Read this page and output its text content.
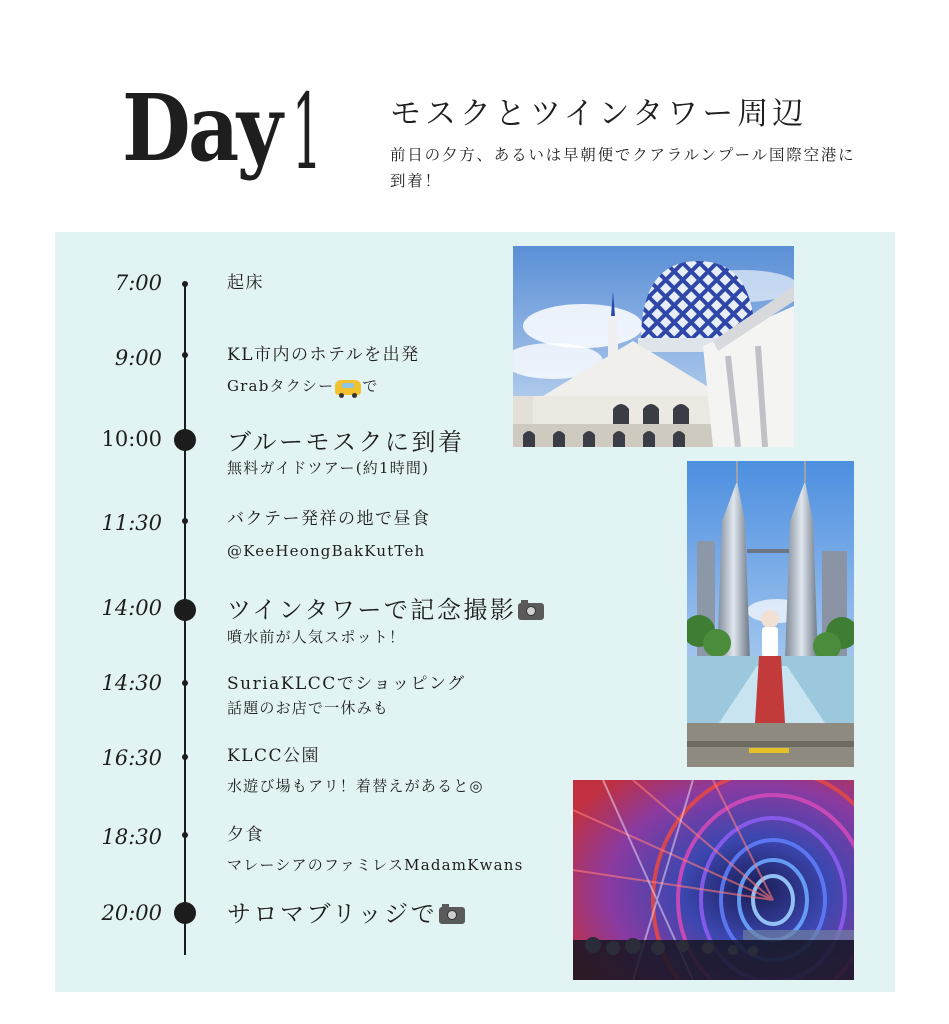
Day 1 モスクとツインタワー周辺

前日の夕方、あるいは早朝便でクアラルンプール国際空港に到着！

7:00	起床
9:00	KL市内のホテルを出発
Grabタクシー で
10:00	ブルーモスクに到着
無料ガイドツアー(約1時間)
11:30	バクテー発祥の地で昼食
@KeeHeongBakKutTeh
14:00	ツインタワーで記念撮影
噴水前が人気スポット！
14:30	SuriaKLCCでショッピング
話題のお店で一休みも
16:30	KLCC公園
水遊び場もアリ！着替えがあると◎
18:30	夕食
マレーシアのファミレスMadamKwans
20:00	サロマブリッジで
